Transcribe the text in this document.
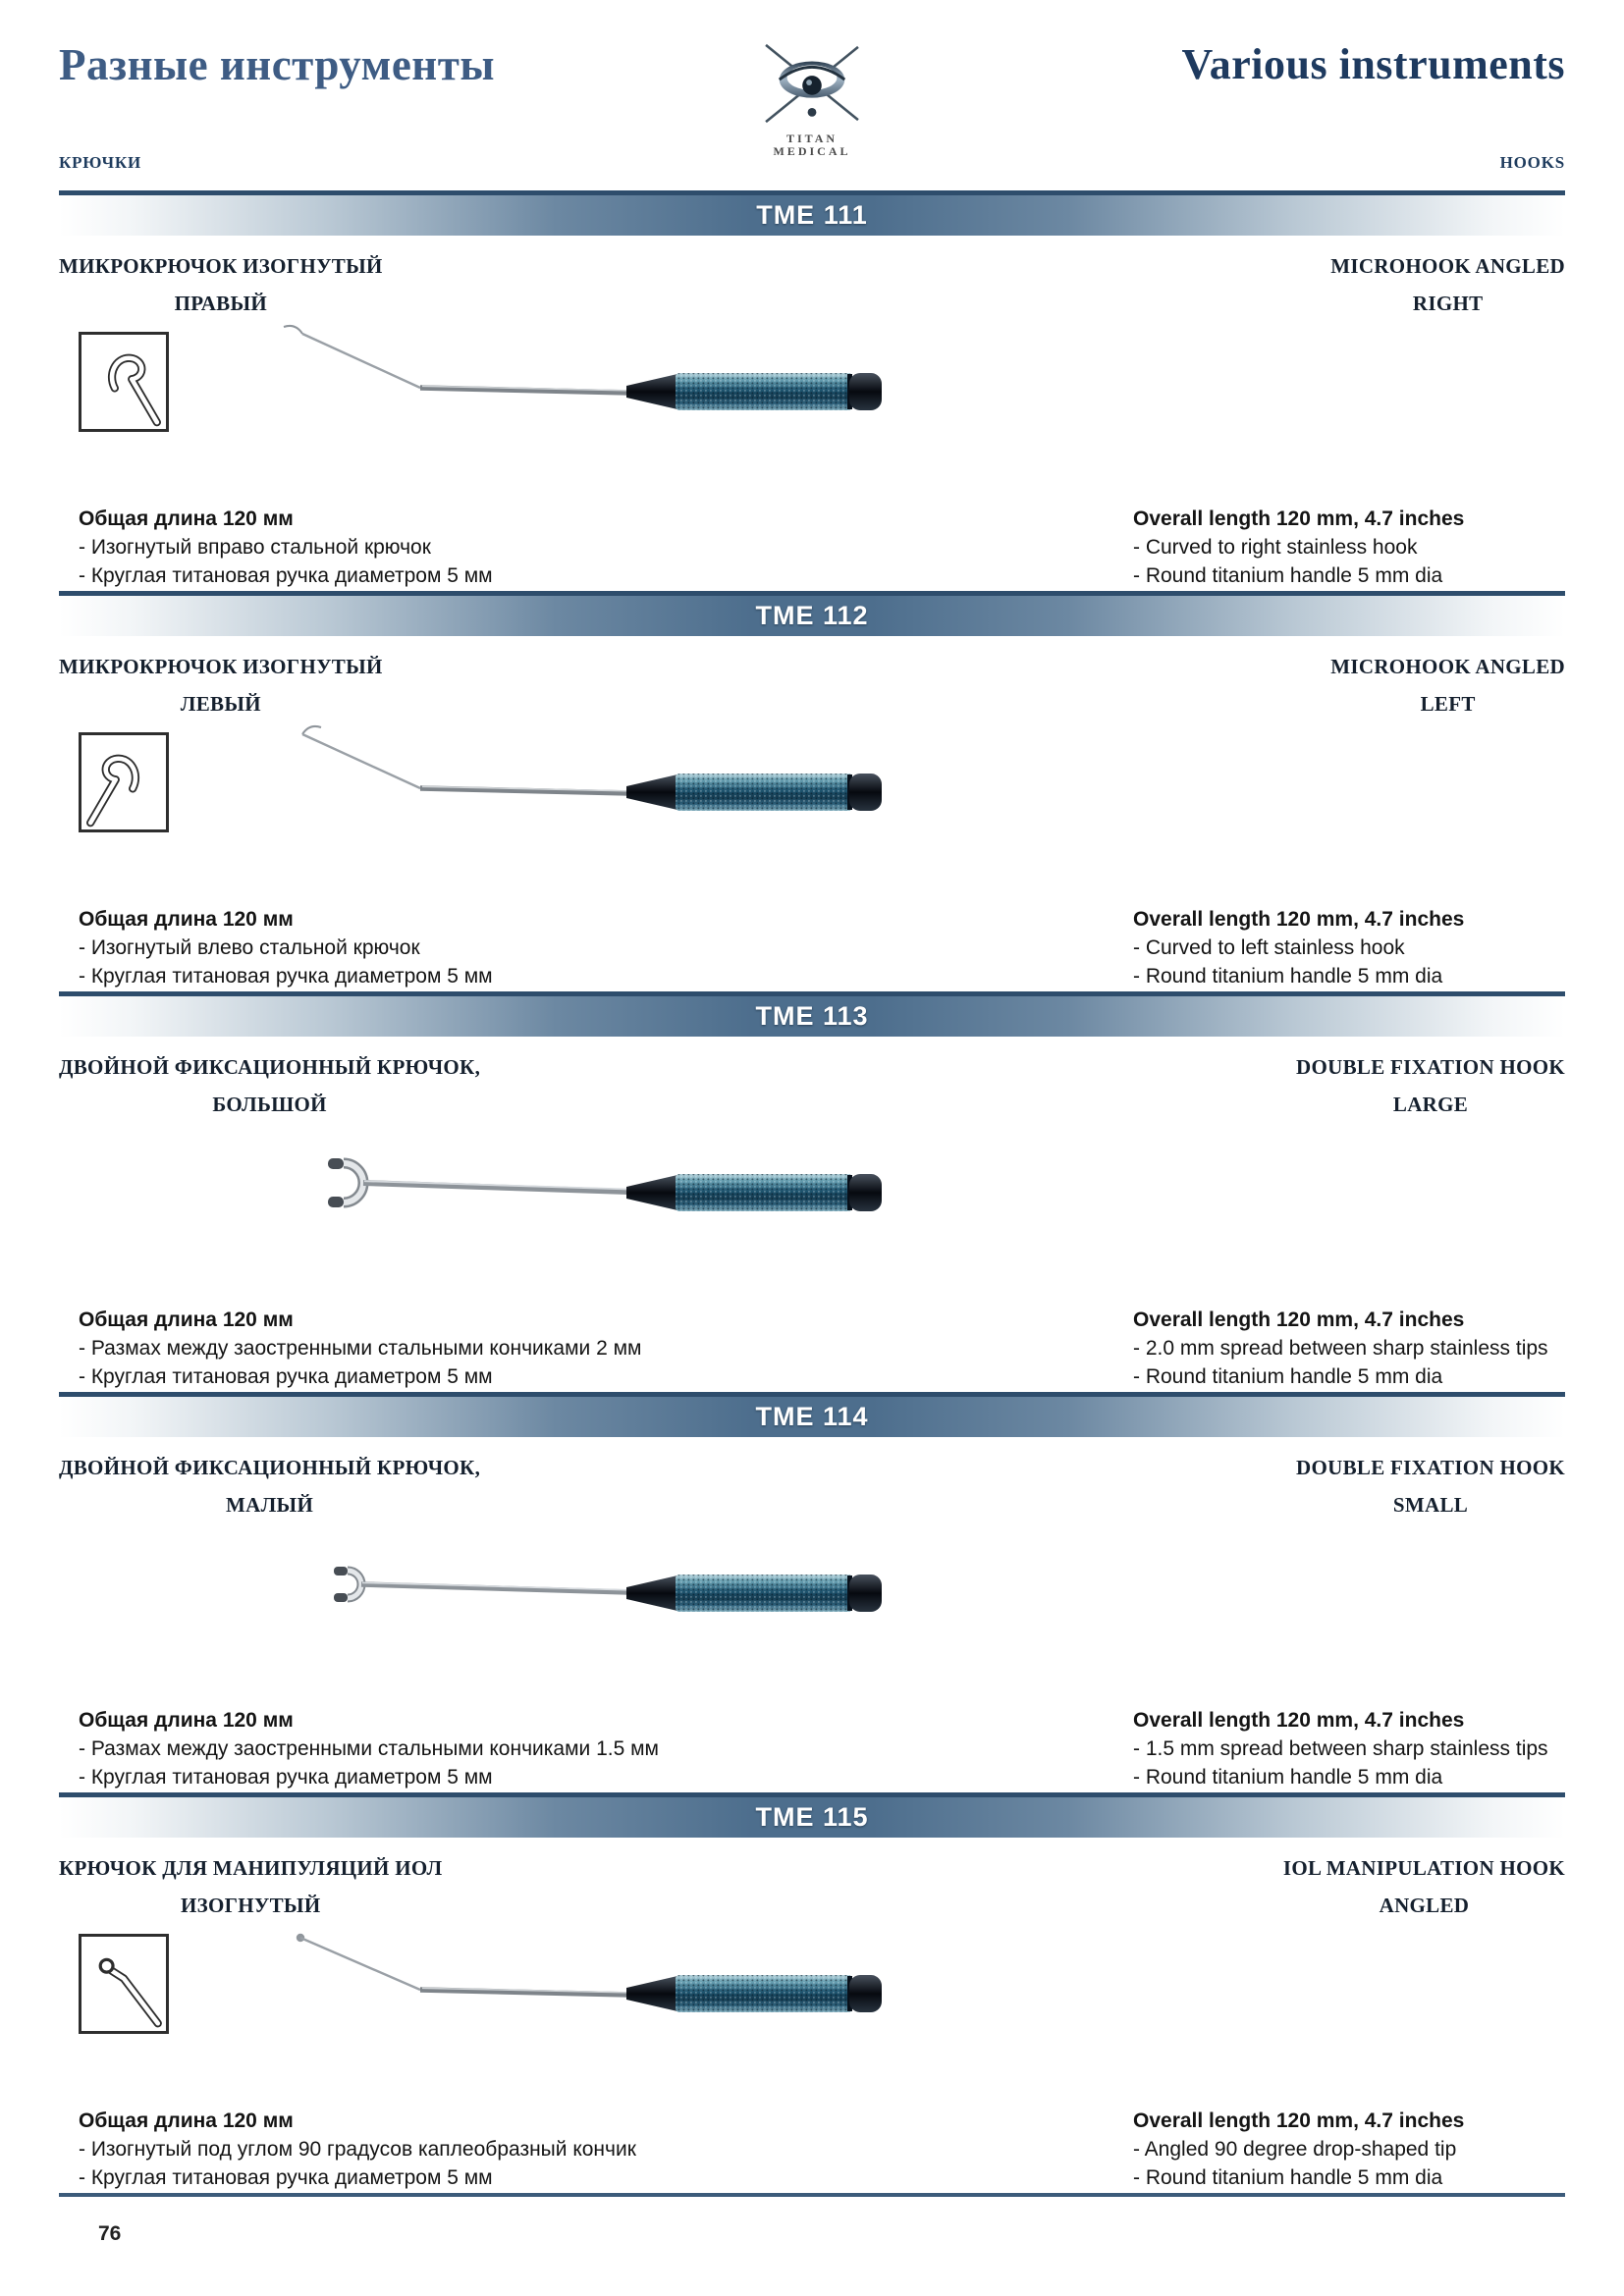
Разные инструменты	Various instruments
КРЮЧКИ	HOOKS
TITAN
MEDICAL
TME 111
МИКРОКРЮЧОК ИЗОГНУТЫЙ
ПРАВЫЙ
MICROHOOK ANGLED
RIGHT
Общая длина 120 мм
- Изогнутый вправо стальной крючок
- Круглая титановая ручка диаметром 5 мм
Overall length 120 mm, 4.7 inches
- Curved to right stainless hook
- Round titanium handle 5 mm dia
TME 112
МИКРОКРЮЧОК ИЗОГНУТЫЙ
ЛЕВЫЙ
MICROHOOK ANGLED
LEFT
Общая длина 120 мм
- Изогнутый влево стальной крючок
- Круглая титановая ручка диаметром 5 мм
Overall length 120 mm, 4.7 inches
- Curved to left stainless hook
- Round titanium handle 5 mm dia
TME 113
ДВОЙНОЙ ФИКСАЦИОННЫЙ КРЮЧОК,
БОЛЬШОЙ
DOUBLE FIXATION HOOK
LARGE
Общая длина 120 мм
- Размах между заостренными стальными кончиками 2 мм
- Круглая титановая ручка диаметром 5 мм
Overall length 120 mm, 4.7 inches
- 2.0 mm spread between sharp stainless tips
- Round titanium handle 5 mm dia
TME 114
ДВОЙНОЙ ФИКСАЦИОННЫЙ КРЮЧОК,
МАЛЫЙ
DOUBLE FIXATION HOOK
SMALL
Общая длина 120 мм
- Размах между заостренными стальными кончиками 1.5 мм
- Круглая титановая ручка диаметром 5 мм
Overall length 120 mm, 4.7 inches
- 1.5 mm spread between sharp stainless tips
- Round titanium handle 5 mm dia
TME 115
КРЮЧОК ДЛЯ МАНИПУЛЯЦИЙ ИОЛ
ИЗОГНУТЫЙ
IOL MANIPULATION HOOK
ANGLED
Общая длина 120 мм
- Изогнутый под углом 90 градусов каплеобразный кончик
- Круглая титановая ручка диаметром 5 мм
Overall length 120 mm, 4.7 inches
- Angled 90 degree drop-shaped tip
- Round titanium handle 5 mm dia
76
